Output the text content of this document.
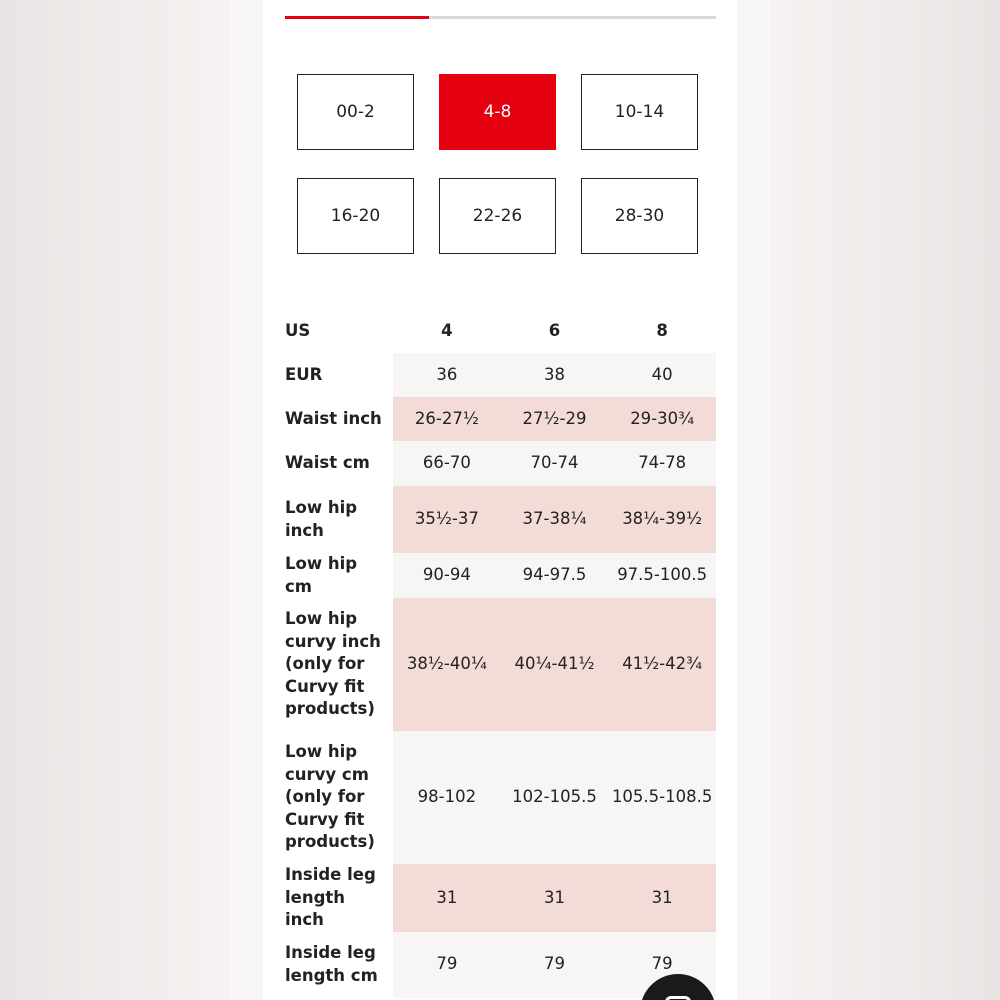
00-2	4-8	10-14
16-20	22-26	28-30
US	4	6	8
EUR	36	38	40
Waist inch	26-27½	27½-29	29-30¾
Waist cm	66-70	70-74	74-78
Low hip inch	35½-37	37-38¼	38¼-39½
Low hip cm	90-94	94-97.5	97.5-100.5
Low hip curvy inch (only for Curvy fit products)	38½-40¼	40¼-41½	41½-42¾
Low hip curvy cm (only for Curvy fit products)	98-102	102-105.5	105.5-108.5
Inside leg length inch	31	31	31
Inside leg length cm	79	79	79
